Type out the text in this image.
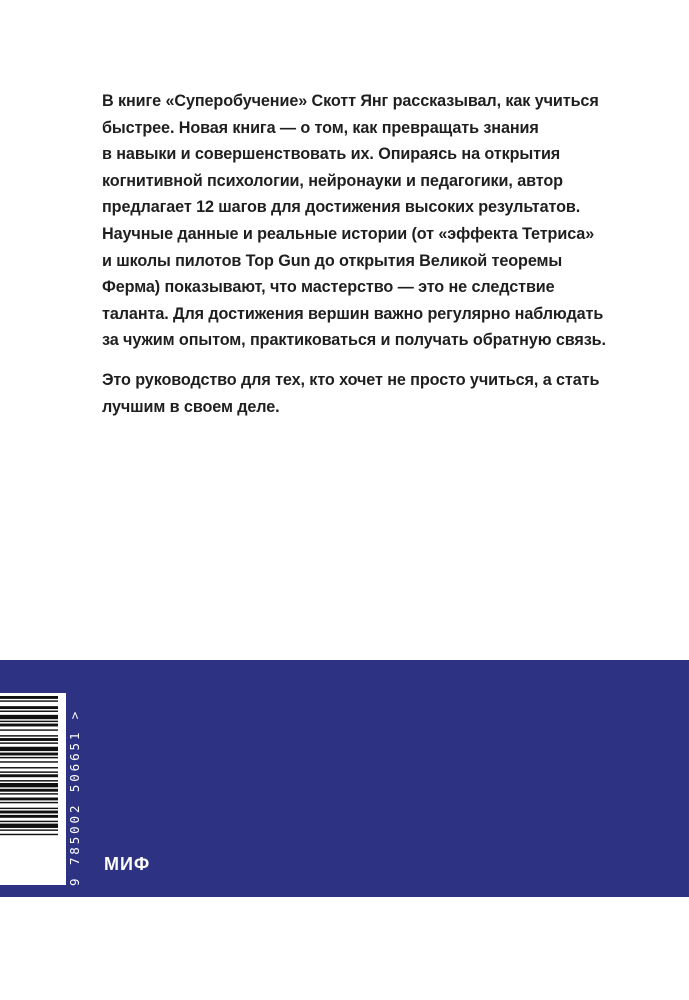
В книге «Суперобучение» Скотт Янг рассказывал, как учиться
быстрее. Новая книга — о том, как превращать знания
в навыки и совершенствовать их. Опираясь на открытия
когнитивной психологии, нейронауки и педагогики, автор
предлагает 12 шагов для достижения высоких результатов.
Научные данные и реальные истории (от «эффекта Тетриса»
и школы пилотов Top Gun до открытия Великой теоремы
Ферма) показывают, что мастерство — это не следствие
таланта. Для достижения вершин важно регулярно наблюдать
за чужим опытом, практиковаться и получать обратную связь.

Это руководство для тех, кто хочет не просто учиться, а стать
лучшим в своем деле.

9 785002 506651 > МИФ
